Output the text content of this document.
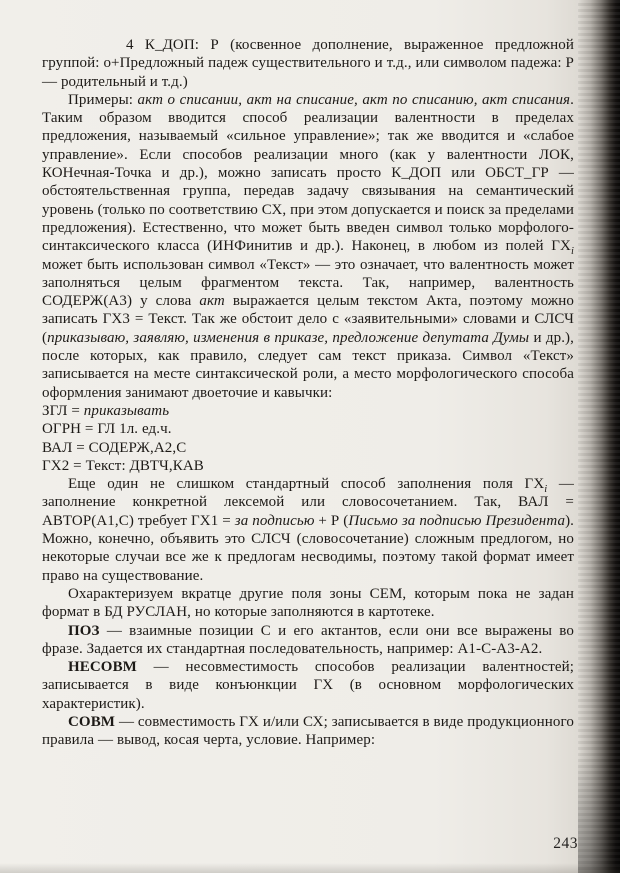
4 К_ДОП: Р (косвенное дополнение, выраженное предложной группой: о+Предложный падеж существительного и т.д., или символом падежа: Р — родительный и т.д.)

Примеры: акт о списании, акт на списание, акт по списанию, акт списания. Таким образом вводится способ реализации валентности в пределах предложения, называемый «сильное управление»; так же вводится и «слабое управление». Если способов реализации много (как у валентности ЛОК, КОНечная-Точка и др.), можно записать просто К_ДОП или ОБСТ_ГР — обстоятельственная группа, передав задачу связывания на семантический уровень (только по соответствию СХ, при этом допускается и поиск за пределами предложения). Естественно, что может быть введен символ только морфолого-синтаксического класса (ИНФинитив и др.). Наконец, в любом из полей $ГХ_i$ может быть использован символ «Текст» — это означает, что валентность может заполняться целым фрагментом текста. Так, например, валентность СОДЕРЖ(А3) у слова акт выражается целым текстом Акта, поэтому можно записать ГХ3 = Текст. Так же обстоит дело с «заявительными» словами и СЛСЧ (приказываю, заявляю, изменения в приказе, предложение депутата Думы и др.), после которых, как правило, следует сам текст приказа. Символ «Текст» записывается на месте синтаксической роли, а место морфологического способа оформления занимают двоеточие и кавычки:

ЗГЛ = приказывать

ОГРН = ГЛ 1л. ед.ч.

ВАЛ = СОДЕРЖ,А2,С

ГХ2 = Текст: ДВТЧ,КАВ

Еще один не слишком стандартный способ заполнения поля $ГХ_i$ — заполнение конкретной лексемой или словосочетанием. Так, ВАЛ = АВТОР(А1,С) требует ГХ1 = за подписью + Р (Письмо за подписью Президента). Можно, конечно, объявить это СЛСЧ (словосочетание) сложным предлогом, но некоторые случаи все же к предлогам несводимы, поэтому такой формат имеет право на существование.

Охарактеризуем вкратце другие поля зоны СЕМ, которым пока не задан формат в БД РУСЛАН, но которые заполняются в картотеке.

ПОЗ — взаимные позиции С и его актантов, если они все выражены во фразе. Задается их стандартная последовательность, например: А1-С-А3-А2.

НЕСОВМ — несовместимость способов реализации валентностей; записывается в виде конъюнкции ГХ (в основном морфологических характеристик).

СОВМ — совместимость ГХ и/или СХ; записывается в виде продукционного правила — вывод, косая черта, условие. Например:

243
